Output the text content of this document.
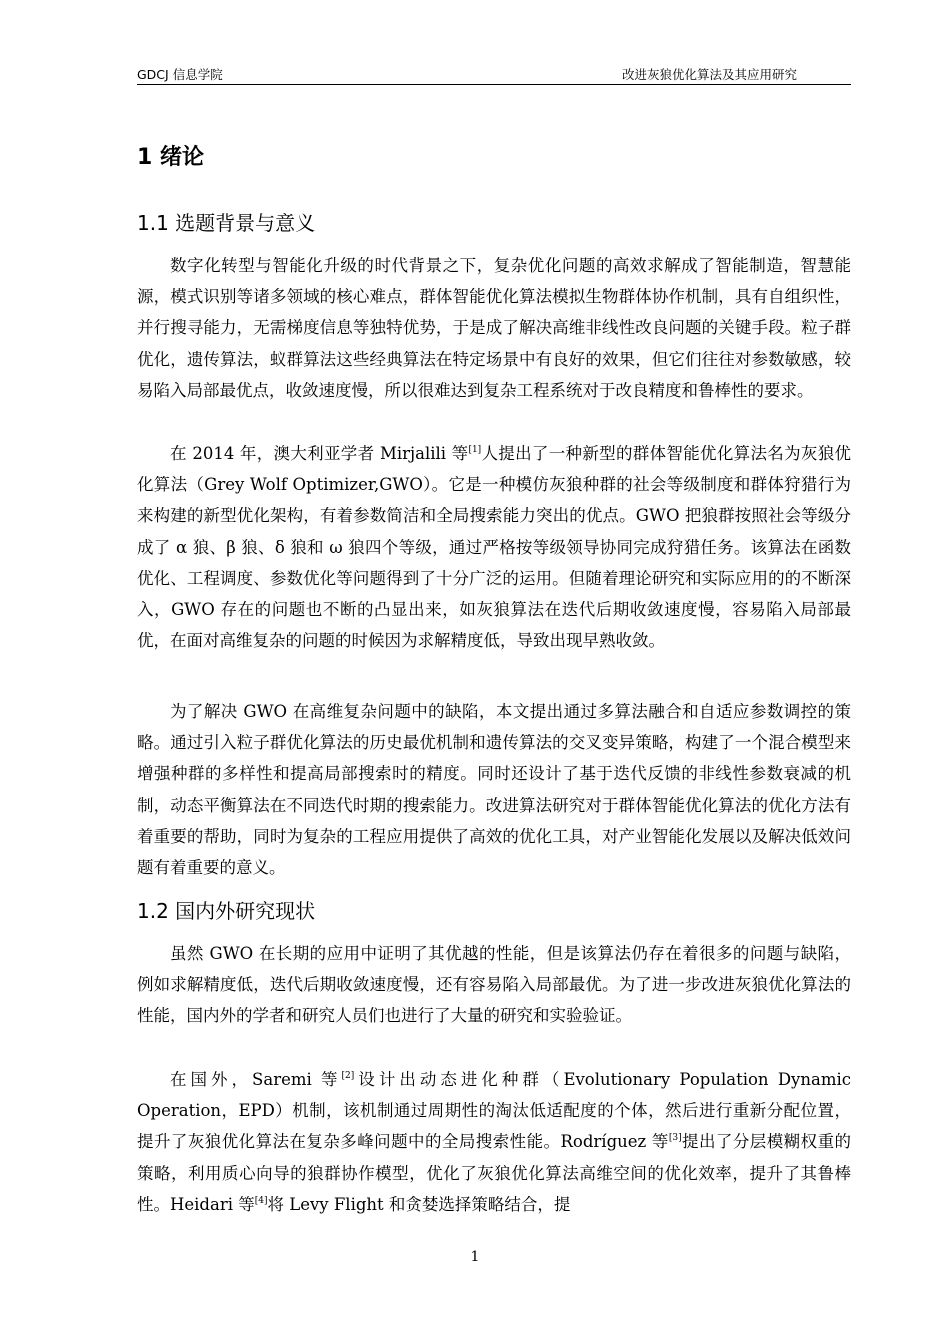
GDCJ 信息学院	改进灰狼优化算法及其应用研究
1 绪论
1.1 选题背景与意义

数字化转型与智能化升级的时代背景之下，复杂优化问题的高效求解成了智能制造，智慧能源，模式识别等诸多领域的核心难点，群体智能优化算法模拟生物群体协作机制，具有自组织性，并行搜寻能力，无需梯度信息等独特优势，于是成了解决高维非线性改良问题的关键手段。粒子群优化，遗传算法，蚁群算法这些经典算法在特定场景中有良好的效果，但它们往往对参数敏感，较易陷入局部最优点，收敛速度慢，所以很难达到复杂工程系统对于改良精度和鲁棒性的要求。

在 2014 年，澳大利亚学者 Mirjalili 等[1]人提出了一种新型的群体智能优化算法名为灰狼优化算法（Grey Wolf Optimizer,GWO）。它是一种模仿灰狼种群的社会等级制度和群体狩猎行为来构建的新型优化架构，有着参数简洁和全局搜索能力突出的优点。GWO 把狼群按照社会等级分成了 α 狼、β 狼、δ 狼和 ω 狼四个等级，通过严格按等级领导协同完成狩猎任务。该算法在函数优化、工程调度、参数优化等问题得到了十分广泛的运用。但随着理论研究和实际应用的的不断深入，GWO 存在的问题也不断的凸显出来，如灰狼算法在迭代后期收敛速度慢，容易陷入局部最优，在面对高维复杂的问题的时候因为求解精度低，导致出现早熟收敛。

为了解决 GWO 在高维复杂问题中的缺陷，本文提出通过多算法融合和自适应参数调控的策略。通过引入粒子群优化算法的历史最优机制和遗传算法的交叉变异策略，构建了一个混合模型来增强种群的多样性和提高局部搜索时的精度。同时还设计了基于迭代反馈的非线性参数衰减的机制，动态平衡算法在不同迭代时期的搜索能力。改进算法研究对于群体智能优化算法的优化方法有着重要的帮助，同时为复杂的工程应用提供了高效的优化工具，对产业智能化发展以及解决低效问题有着重要的意义。

1.2 国内外研究现状

虽然 GWO 在长期的应用中证明了其优越的性能，但是该算法仍存在着很多的问题与缺陷，例如求解精度低，迭代后期收敛速度慢，还有容易陷入局部最优。为了进一步改进灰狼优化算法的性能，国内外的学者和研究人员们也进行了大量的研究和实验验证。

在国外，Saremi 等[2]设计出动态进化种群（Evolutionary Population Dynamic Operation，EPD）机制，该机制通过周期性的淘汰低适配度的个体，然后进行重新分配位置，提升了灰狼优化算法在复杂多峰问题中的全局搜索性能。Rodríguez 等[3]提出了分层模糊权重的策略，利用质心向导的狼群协作模型，优化了灰狼优化算法高维空间的优化效率，提升了其鲁棒性。Heidari 等[4]将 Levy Flight 和贪婪选择策略结合，提

1
